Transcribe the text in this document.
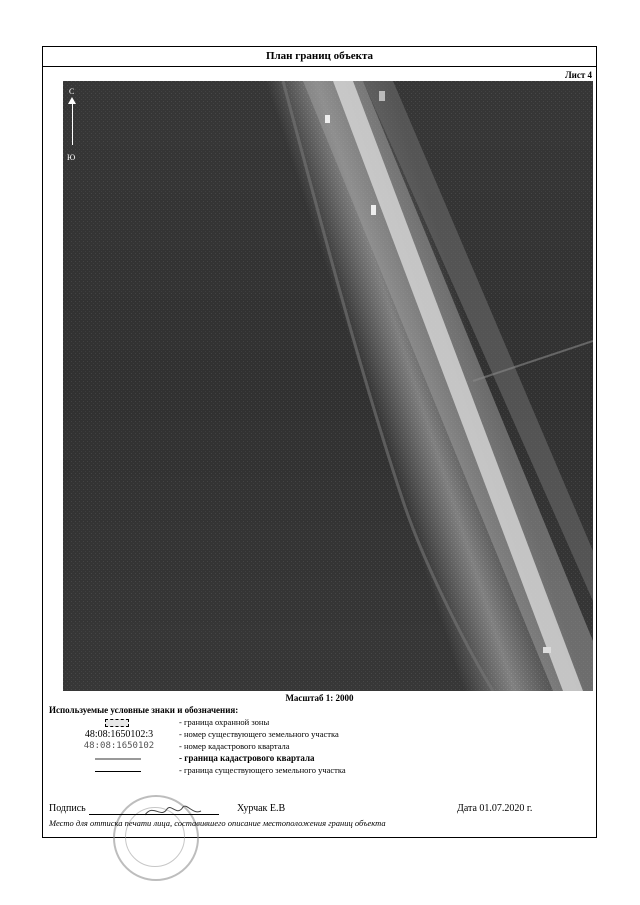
План границ объекта
Лист 4
С
Ю
Масштаб 1: 2000
Используемые условные знаки и обозначения:
- граница охранной зоны
48:08:1650102:3	- номер существующего земельного участка
48:08:1650102	- номер кадастрового квартала
- граница кадастрового квартала
- граница существующего земельного участка
Подпись	Хурчак Е.В	Дата 01.07.2020 г.
Место для оттиска печати лица, составившего описание местоположения границ объекта
